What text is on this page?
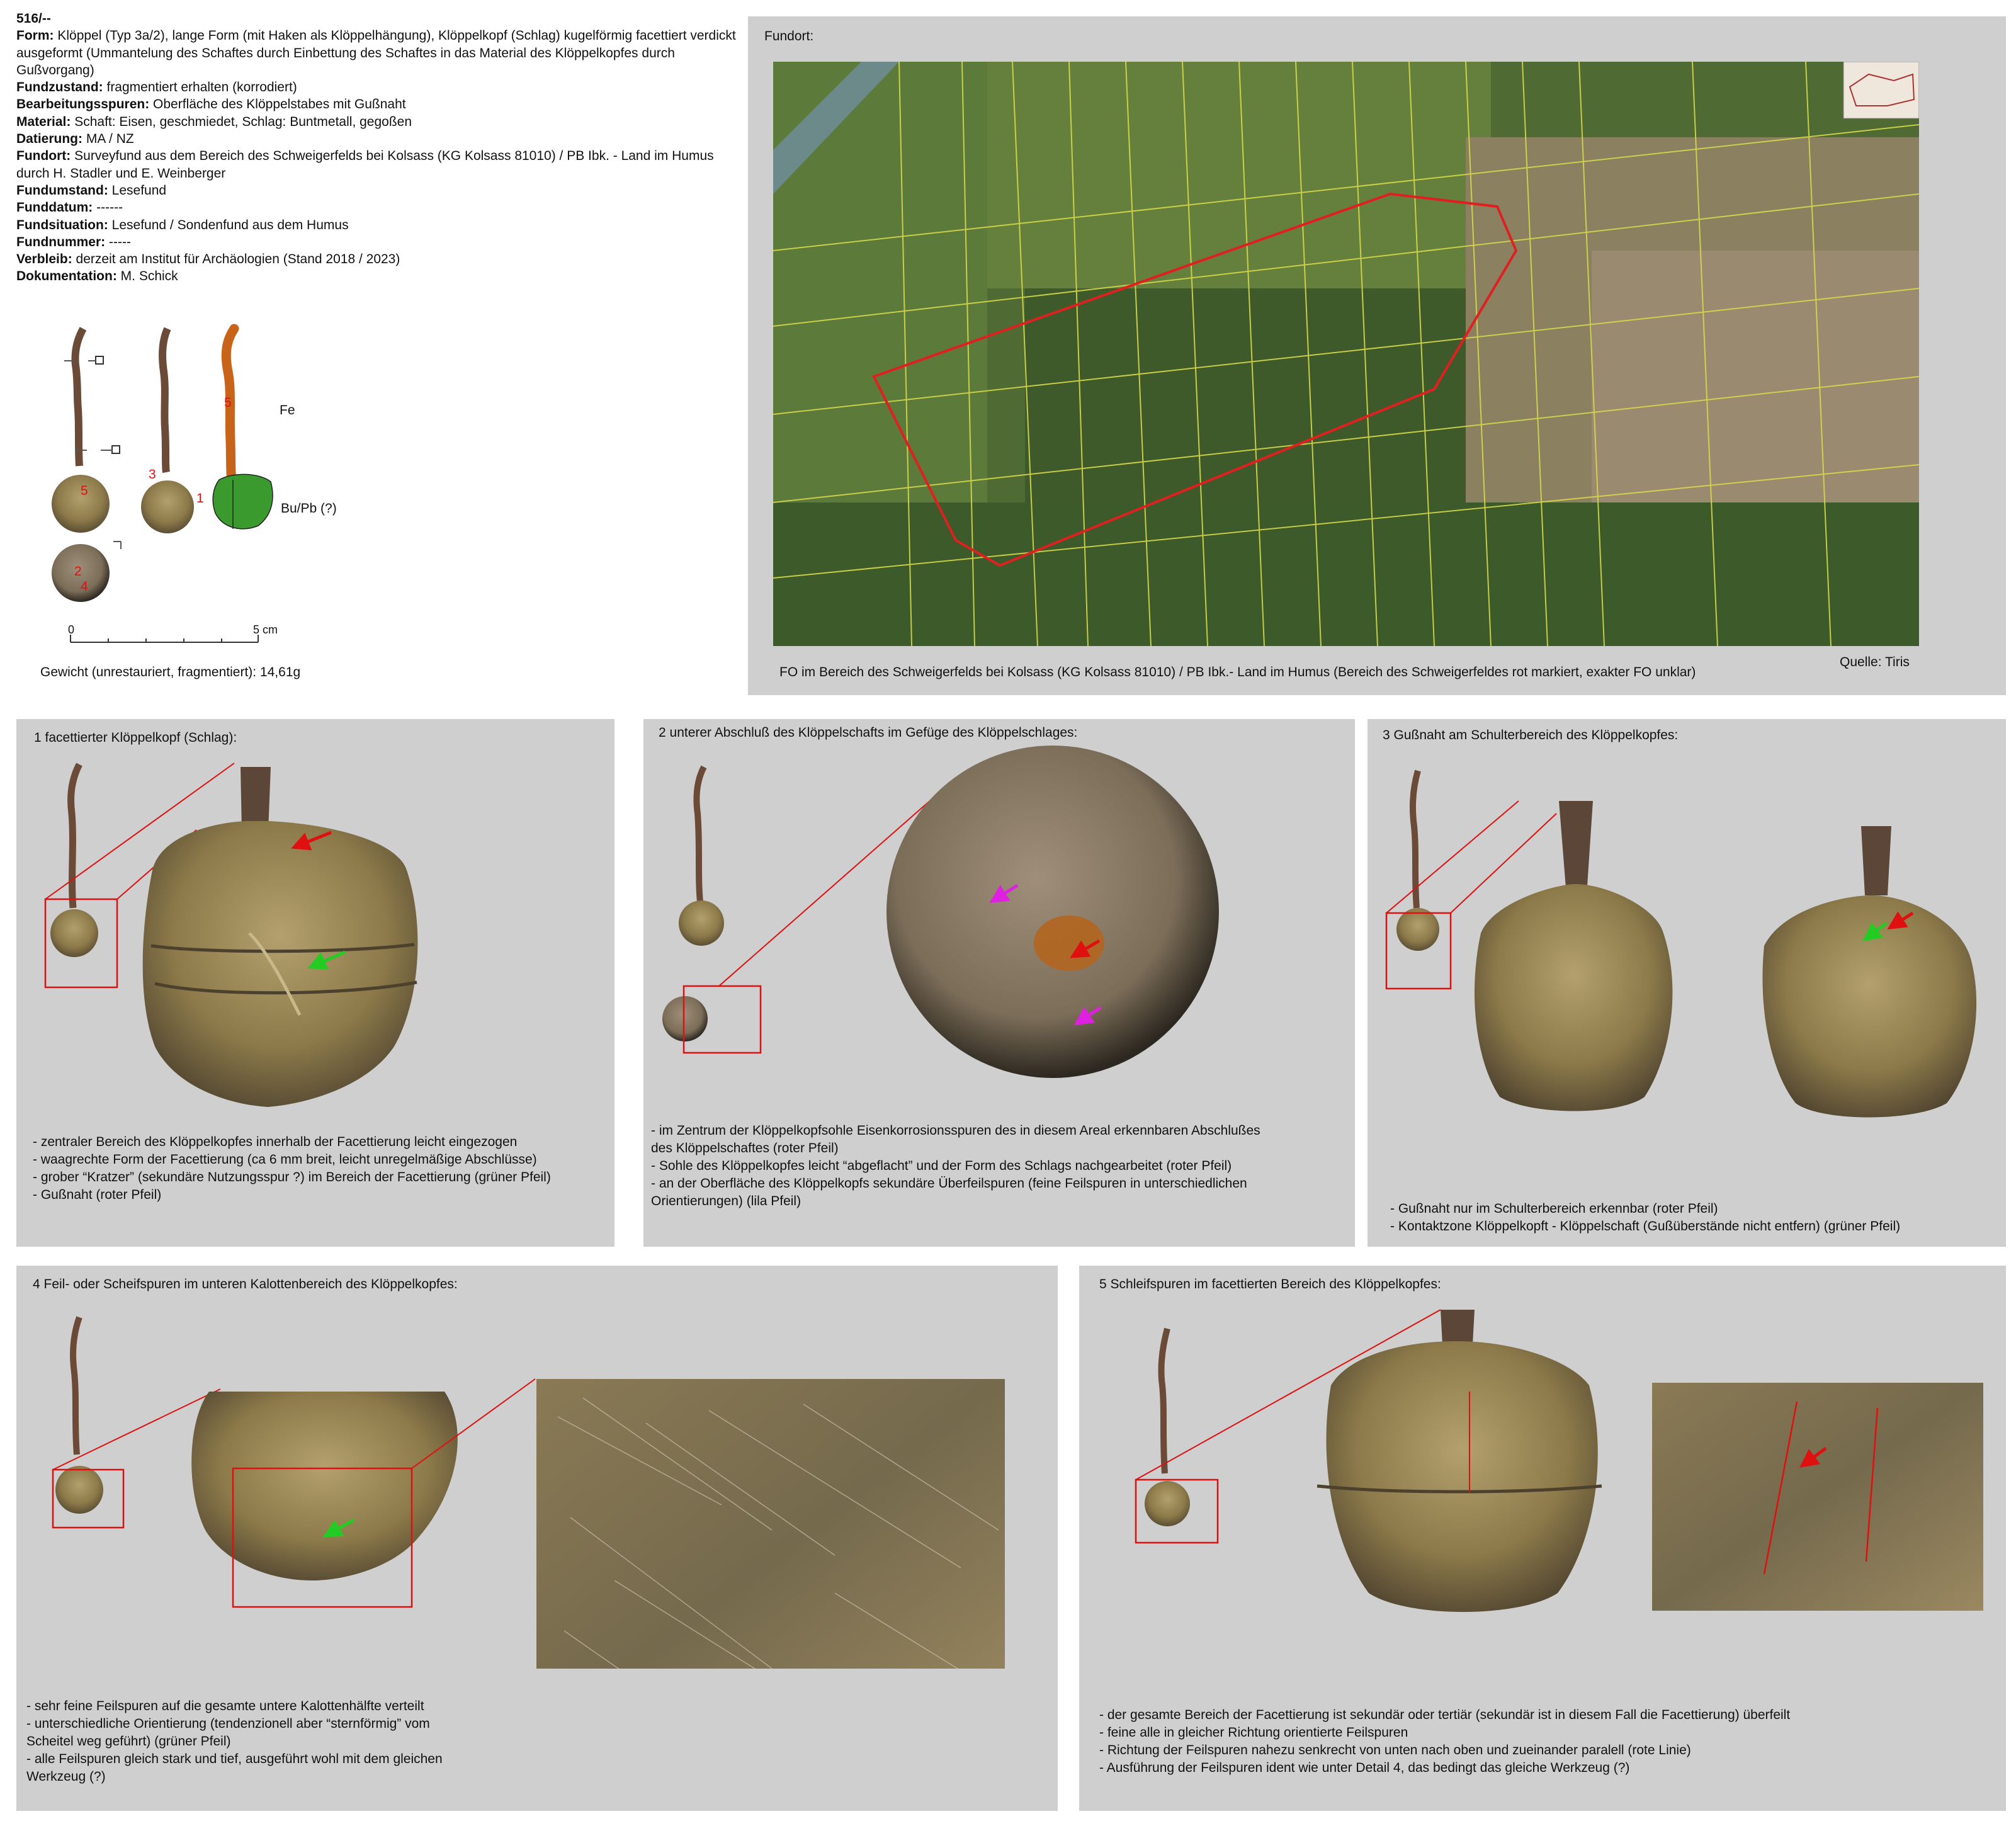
516/--
Form: Klöppel (Typ 3a/2), lange Form (mit Haken als Klöppelhängung), Klöppelkopf (Schlag) kugelförmig facettiert verdickt ausgeformt (Ummantelung des Schaftes durch Einbettung des Schaftes in das Material des Klöppelkopfes durch Gußvorgang)
Fundzustand: fragmentiert erhalten (korrodiert)
Bearbeitungsspuren: Oberfläche des Klöppelstabes mit Gußnaht
Material: Schaft: Eisen, geschmiedet, Schlag: Buntmetall, gegoßen
Datierung: MA / NZ
Fundort: Surveyfund aus dem Bereich des Schweigerfelds bei Kolsass (KG Kolsass 81010) / PB Ibk. - Land im Humus durch H. Stadler und E. Weinberger
Fundumstand: Lesefund
Funddatum: ------
Fundsituation: Lesefund / Sondenfund aus dem Humus
Fundnummer: -----
Verbleib: derzeit am Institut für Archäologien (Stand 2018 / 2023)
Dokumentation: M. Schick
5
3
1
2
5
4
Fe
Bu/Pb (?)
0	5 cm
Gewicht (unrestauriert, fragmentiert): 14,61g
Fundort:
FO im Bereich des Schweigerfelds bei Kolsass (KG Kolsass 81010) / PB Ibk.- Land im Humus (Bereich des Schweigerfeldes rot markiert, exakter FO unklar)
Quelle: Tiris
1 facettierter Klöppelkopf (Schlag):
- zentraler Bereich des Klöppelkopfes innerhalb der Facettierung leicht eingezogen
- waagrechte Form der Facettierung (ca 6 mm breit, leicht unregelmäßige Abschlüsse)
- grober “Kratzer” (sekundäre Nutzungsspur ?) im Bereich der Facettierung (grüner Pfeil)
- Gußnaht (roter Pfeil)
2 unterer Abschluß des Klöppelschafts im Gefüge des Klöppelschlages:
- im Zentrum der Klöppelkopfsohle Eisenkorrosionsspuren des in diesem Areal erkennbaren Abschlußes
des Klöppelschaftes (roter Pfeil)
- Sohle des Klöppelkopfes leicht “abgeflacht” und der Form des Schlags nachgearbeitet (roter Pfeil)
- an der Oberfläche des Klöppelkopfs sekundäre Überfeilspuren (feine Feilspuren in unterschiedlichen
Orientierungen) (lila Pfeil)
3 Gußnaht am Schulterbereich des Klöppelkopfes:
- Gußnaht nur im Schulterbereich erkennbar (roter Pfeil)
- Kontaktzone Klöppelkopft - Klöppelschaft (Gußüberstände nicht entfern) (grüner Pfeil)
4 Feil- oder Scheifspuren im unteren Kalottenbereich des Klöppelkopfes:
- sehr feine Feilspuren auf die gesamte untere Kalottenhälfte verteilt
- unterschiedliche Orientierung (tendenzionell aber “sternförmig” vom
Scheitel weg geführt) (grüner Pfeil)
- alle Feilspuren gleich stark und tief, ausgeführt wohl mit dem gleichen
Werkzeug (?)
5 Schleifspuren im facettierten Bereich des Klöppelkopfes:
- der gesamte Bereich der Facettierung ist sekundär oder tertiär (sekundär ist in diesem Fall die Facettierung) überfeilt
- feine alle in gleicher Richtung orientierte Feilspuren
- Richtung der Feilspuren nahezu senkrecht von unten nach oben und zueinander paralell (rote Linie)
- Ausführung der Feilspuren ident wie unter Detail 4, das bedingt das gleiche Werkzeug (?)
